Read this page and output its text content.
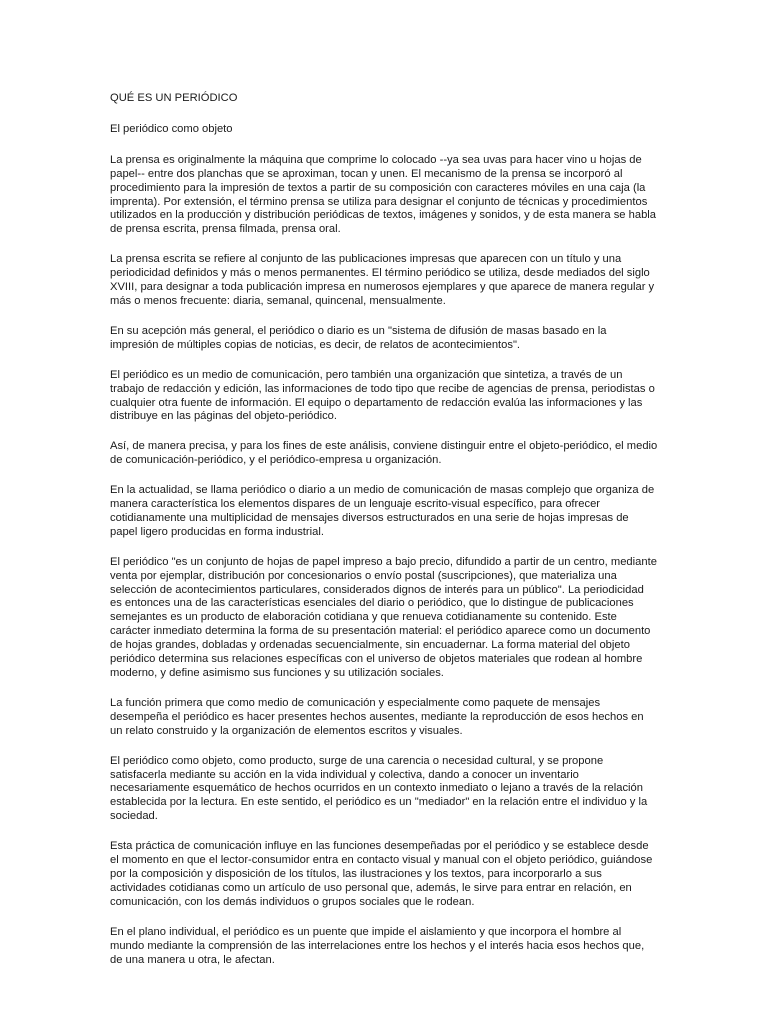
QUÉ ES UN PERIÓDICO

El periódico como objeto

La prensa es originalmente la máquina que comprime lo colocado --ya sea uvas para hacer vino u hojas de papel-- entre dos planchas que se aproximan, tocan y unen. El mecanismo de la prensa se incorporó al procedimiento para la impresión de textos a partir de su composición con caracteres móviles en una caja (la imprenta). Por extensión, el término prensa se utiliza para designar el conjunto de técnicas y procedimientos utilizados en la producción y distribución periódicas de textos, imágenes y sonidos, y de esta manera se habla de prensa escrita, prensa filmada, prensa oral.

La prensa escrita se refiere al conjunto de las publicaciones impresas que aparecen con un título y una periodicidad definidos y más o menos permanentes. El término periódico se utiliza, desde mediados del siglo XVIII, para designar a toda publicación impresa en numerosos ejemplares y que aparece de manera regular y más o menos frecuente: diaria, semanal, quincenal, mensualmente.

En su acepción más general, el periódico o diario es un "sistema de difusión de masas basado en la impresión de múltiples copias de noticias, es decir, de relatos de acontecimientos".

El periódico es un medio de comunicación, pero también una organización que sintetiza, a través de un trabajo de redacción y edición, las informaciones de todo tipo que recibe de agencias de prensa, periodistas o cualquier otra fuente de información. El equipo o departamento de redacción evalúa las informaciones y las distribuye en las páginas del objeto-periódico.

Así, de manera precisa, y para los fines de este análisis, conviene distinguir entre el objeto-periódico, el medio de comunicación-periódico, y el periódico-empresa u organización.

En la actualidad, se llama periódico o diario a un medio de comunicación de masas complejo que organiza de manera característica los elementos dispares de un lenguaje escrito-visual específico, para ofrecer cotidianamente una multiplicidad de mensajes diversos estructurados en una serie de hojas impresas de papel ligero producidas en forma industrial.

El periódico "es un conjunto de hojas de papel impreso a bajo precio, difundido a partir de un centro, mediante venta por ejemplar, distribución por concesionarios o envío postal (suscripciones), que materializa una selección de acontecimientos particulares, considerados dignos de interés para un público". La periodicidad es entonces una de las características esenciales del diario o periódico, que lo distingue de publicaciones semejantes es un producto de elaboración cotidiana y que renueva cotidianamente su contenido. Este carácter inmediato determina la forma de su presentación material: el periódico aparece como un documento de hojas grandes, dobladas y ordenadas secuencialmente, sin encuadernar. La forma material del objeto periódico determina sus relaciones específicas con el universo de objetos materiales que rodean al hombre moderno, y define asimismo sus funciones y su utilización sociales.

La función primera que como medio de comunicación y especialmente como paquete de mensajes desempeña el periódico es hacer presentes hechos ausentes, mediante la reproducción de esos hechos en un relato construido y la organización de elementos escritos y visuales.

El periódico como objeto, como producto, surge de una carencia o necesidad cultural, y se propone satisfacerla mediante su acción en la vida individual y colectiva, dando a conocer un inventario necesariamente esquemático de hechos ocurridos en un contexto inmediato o lejano a través de la relación establecida por la lectura. En este sentido, el periódico es un "mediador" en la relación entre el individuo y la sociedad.

Esta práctica de comunicación influye en las funciones desempeñadas por el periódico y se establece desde el momento en que el lector-consumidor entra en contacto visual y manual con el objeto periódico, guiándose por la composición y disposición de los títulos, las ilustraciones y los textos, para incorporarlo a sus actividades cotidianas como un artículo de uso personal que, además, le sirve para entrar en relación, en comunicación, con los demás individuos o grupos sociales que le rodean.

En el plano individual, el periódico es un puente que impide el aislamiento y que incorpora el hombre al mundo mediante la comprensión de las interrelaciones entre los hechos y el interés hacia esos hechos que, de una manera u otra, le afectan.
